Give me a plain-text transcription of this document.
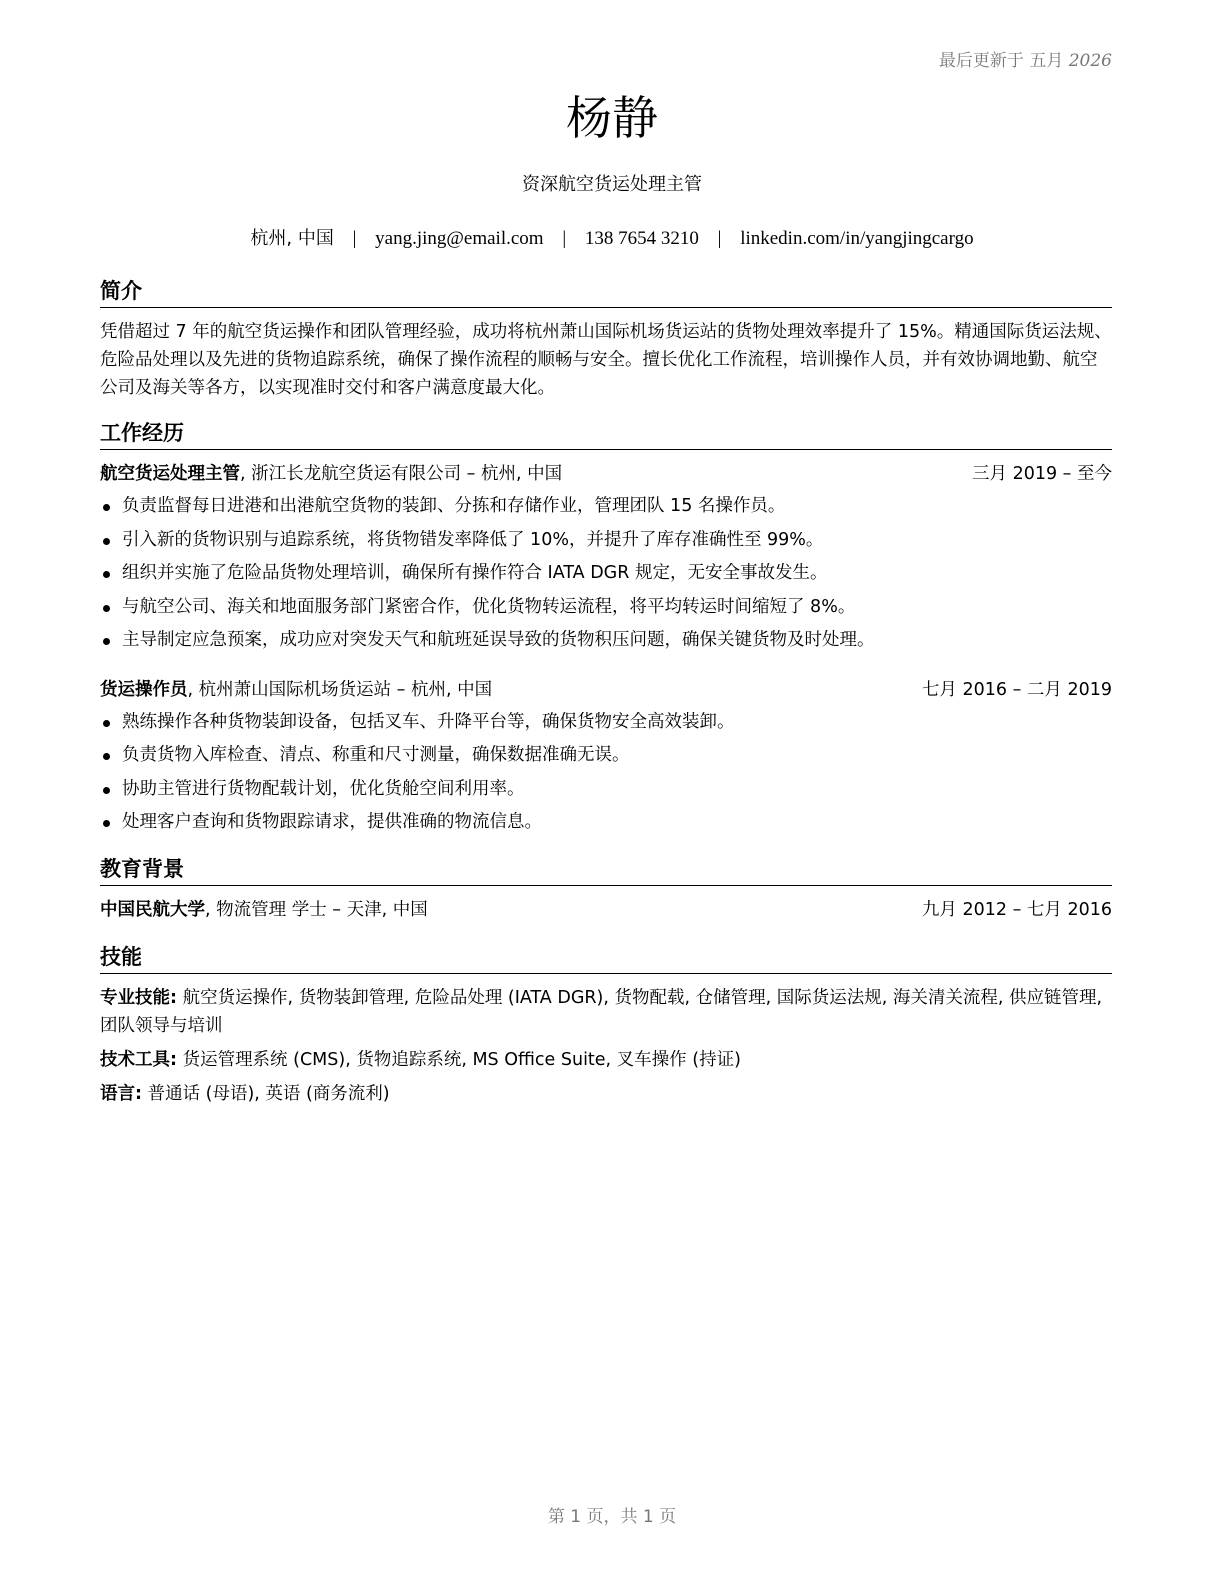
最后更新于 五月 2026
杨静
资深航空货运处理主管
杭州, 中国 | yang.jing@email.com | 138 7654 3210 | linkedin.com/in/yangjingcargo
简介

凭借超过 7 年的航空货运操作和团队管理经验，成功将杭州萧山国际机场货运站的货物处理效率提升了 15%。精通国际货运法规、危险品处理以及先进的货物追踪系统，确保了操作流程的顺畅与安全。擅长优化工作流程，培训操作人员，并有效协调地勤、航空公司及海关等各方，以实现准时交付和客户满意度最大化。

工作经历
航空货运处理主管, 浙江长龙航空货运有限公司 – 杭州, 中国	三月 2019 – 至今
负责监督每日进港和出港航空货物的装卸、分拣和存储作业，管理团队 15 名操作员。
引入新的货物识别与追踪系统，将货物错发率降低了 10%，并提升了库存准确性至 99%。
组织并实施了危险品货物处理培训，确保所有操作符合 IATA DGR 规定，无安全事故发生。
与航空公司、海关和地面服务部门紧密合作，优化货物转运流程，将平均转运时间缩短了 8%。
主导制定应急预案，成功应对突发天气和航班延误导致的货物积压问题，确保关键货物及时处理。
货运操作员, 杭州萧山国际机场货运站 – 杭州, 中国	七月 2016 – 二月 2019
熟练操作各种货物装卸设备，包括叉车、升降平台等，确保货物安全高效装卸。
负责货物入库检查、清点、称重和尺寸测量，确保数据准确无误。
协助主管进行货物配载计划，优化货舱空间利用率。
处理客户查询和货物跟踪请求，提供准确的物流信息。
教育背景
中国民航大学, 物流管理 学士 – 天津, 中国	九月 2012 – 七月 2016
技能
专业技能: 航空货运操作, 货物装卸管理, 危险品处理 (IATA DGR), 货物配载, 仓储管理, 国际货运法规, 海关清关流程, 供应链管理, 团队领导与培训
技术工具: 货运管理系统 (CMS), 货物追踪系统, MS Office Suite, 叉车操作 (持证)
语言: 普通话 (母语), 英语 (商务流利)
第 1 页，共 1 页
